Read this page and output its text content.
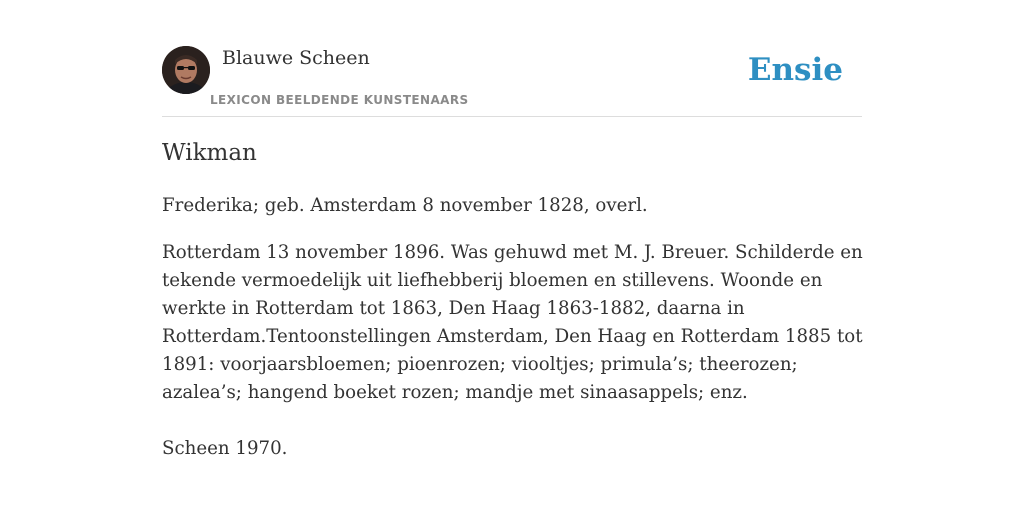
Blauwe Scheen
LEXICON BEELDENDE KUNSTENAARS
Ensie
Wikman

Frederika; geb. Amsterdam 8 november 1828, overl.

Rotterdam 13 november 1896. Was gehuwd met M. J. Breuer. Schilderde en tekende vermoedelijk uit liefhebberij bloemen en stillevens. Woonde en werkte in Rotterdam tot 1863, Den Haag 1863-1882, daarna in Rotterdam.Tentoonstellingen Amsterdam, Den Haag en Rotterdam 1885 tot 1891: voorjaarsbloemen; pioenrozen; viooltjes; primula’s; theerozen; azalea’s; hangend boeket rozen; mandje met sinaasappels; enz.

Scheen 1970.
